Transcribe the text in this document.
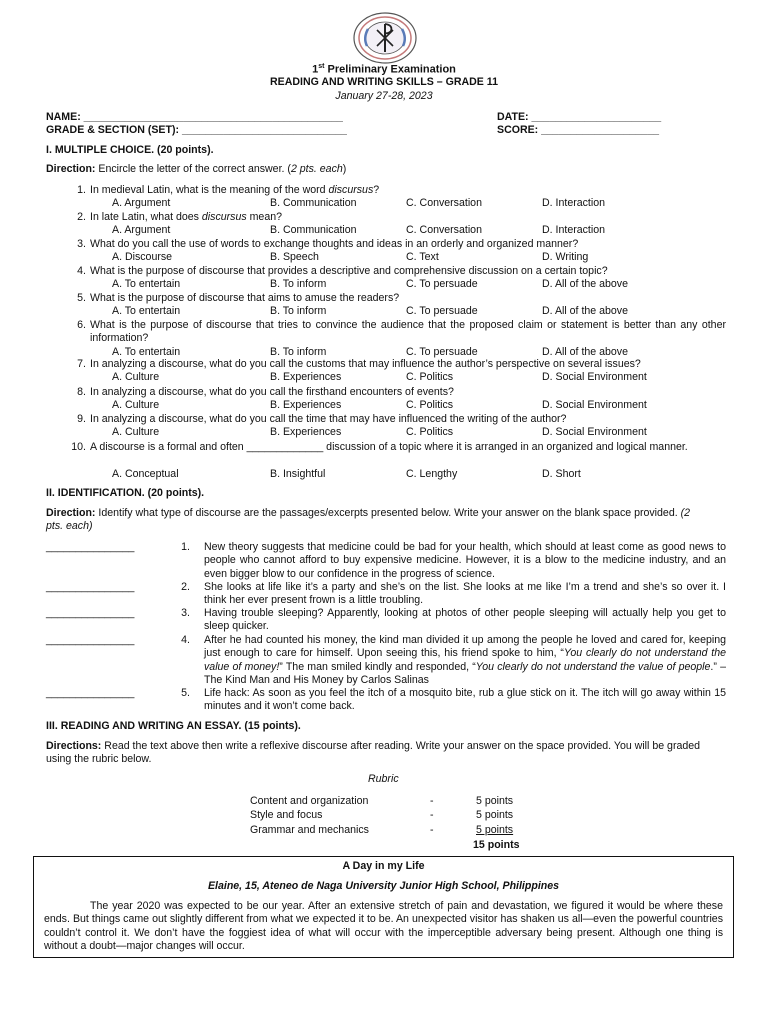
1st Preliminary Examination
READING AND WRITING SKILLS – GRADE 11
January 27-28, 2023
NAME: ____________________________________________
GRADE & SECTION (SET): ____________________________
DATE: ______________________
SCORE: ____________________
I. MULTIPLE CHOICE. (20 points).
Direction: Encircle the letter of the correct answer. (2 pts. each)
1. In medieval Latin, what is the meaning of the word discursus?
A. Argument	B. Communication	C. Conversation	D. Interaction
2. In late Latin, what does discursus mean?
A. Argument	B. Communication	C. Conversation	D. Interaction
3. What do you call the use of words to exchange thoughts and ideas in an orderly and organized manner?
A. Discourse	B. Speech	C. Text	D. Writing
4. What is the purpose of discourse that provides a descriptive and comprehensive discussion on a certain topic?
A. To entertain	B. To inform	C. To persuade	D. All of the above
5. What is the purpose of discourse that aims to amuse the readers?
A. To entertain	B. To inform	C. To persuade	D. All of the above
6. What is the purpose of discourse that tries to convince the audience that the proposed claim or statement is better than any other information?
A. To entertain	B. To inform	C. To persuade	D. All of the above
7. In analyzing a discourse, what do you call the customs that may influence the author’s perspective on several issues?
A. Culture	B. Experiences	C. Politics	D. Social Environment
8. In analyzing a discourse, what do you call the firsthand encounters of events?
A. Culture	B. Experiences	C. Politics	D. Social Environment
9. In analyzing a discourse, what do you call the time that may have influenced the writing of the author?
A. Culture	B. Experiences	C. Politics	D. Social Environment
10. A discourse is a formal and often _____________ discussion of a topic where it is arranged in an organized and logical manner.
A. Conceptual	B. Insightful	C. Lengthy	D. Short
II. IDENTIFICATION. (20 points).
Direction: Identify what type of discourse are the passages/excerpts presented below. Write your answer on the blank space provided. (2 pts. each)
_______________	1. New theory suggests that medicine could be bad for your health, which should at least come as good news to people who cannot afford to buy expensive medicine. However, it is a blow to the medicine industry, and an even bigger blow to our confidence in the progress of science.
_______________	2. She looks at life like it’s a party and she’s on the list. She looks at me like I’m a trend and she’s so over it. I think her ever present frown is a little troubling.
_______________	3. Having trouble sleeping? Apparently, looking at photos of other people sleeping will actually help you get to sleep quicker.
_______________	4. After he had counted his money, the kind man divided it up among the people he loved and cared for, keeping just enough to care for himself. Upon seeing this, his friend spoke to him, “You clearly do not understand the value of money!” The man smiled kindly and responded, “You clearly do not understand the value of people.” – The Kind Man and His Money by Carlos Salinas
_______________	5. Life hack: As soon as you feel the itch of a mosquito bite, rub a glue stick on it. The itch will go away within 15 minutes and it won’t come back.
III. READING AND WRITING AN ESSAY. (15 points).
Directions: Read the text above then write a reflexive discourse after reading. Write your answer on the space provided. You will be graded using the rubric below.
Rubric
Content and organization	-	5 points
Style and focus	-	5 points
Grammar and mechanics	-	5 points
15 points
A Day in my Life
Elaine, 15, Ateneo de Naga University Junior High School, Philippines
The year 2020 was expected to be our year. After an extensive stretch of pain and devastation, we figured it would be where these ends. But things came out slightly different from what we expected it to be. An unexpected visitor has shaken us all—even the powerful countries couldn’t control it. We don’t have the foggiest idea of what will occur with the imperceptible adversary being present. Although one thing is without a doubt—major changes will occur.
